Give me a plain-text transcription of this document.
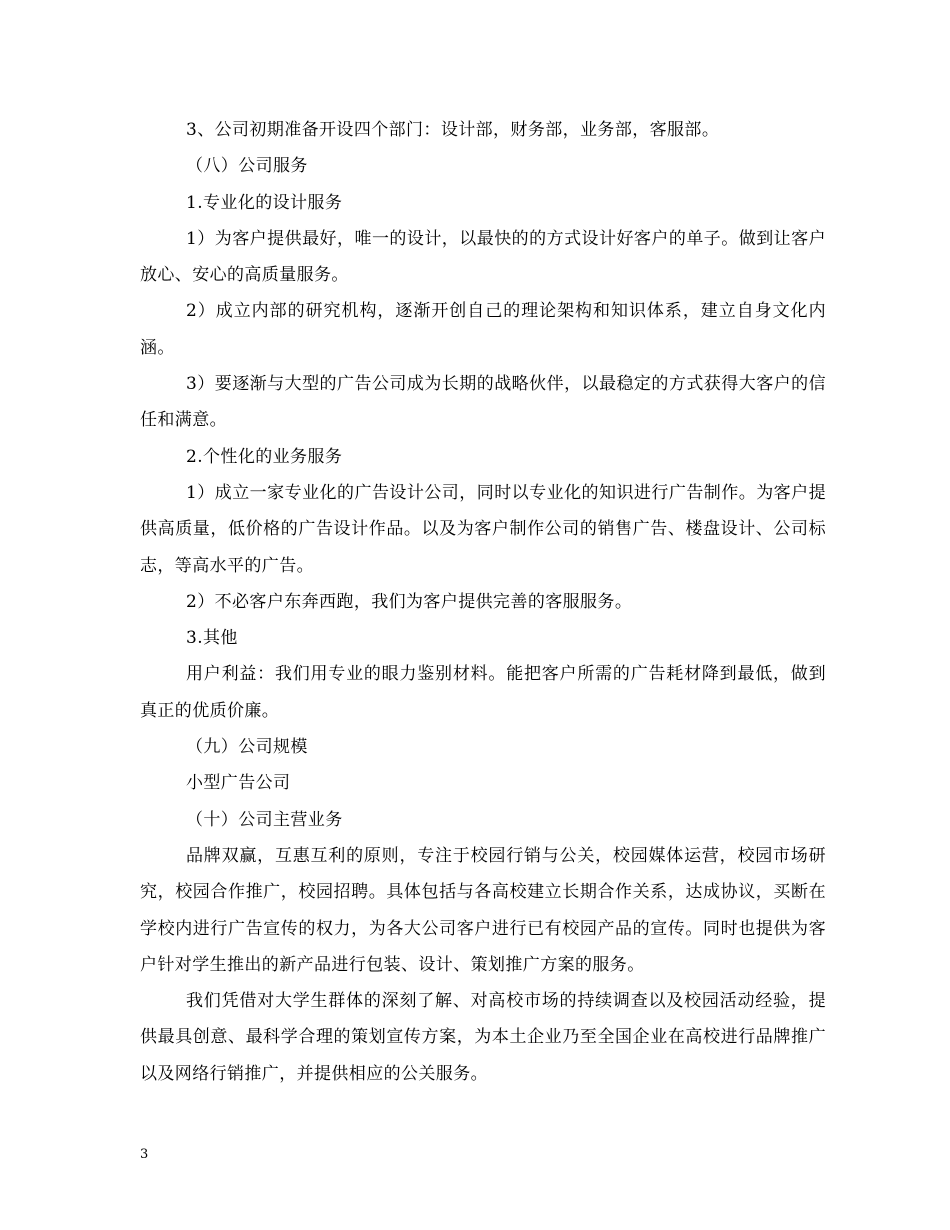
3、公司初期准备开设四个部门：设计部，财务部，业务部，客服部。

（八）公司服务

1.专业化的设计服务

1）为客户提供最好，唯一的设计，以最快的的方式设计好客户的单子。做到让客户放心、安心的高质量服务。

2）成立内部的研究机构，逐渐开创自己的理论架构和知识体系，建立自身文化内涵。

3）要逐渐与大型的广告公司成为长期的战略伙伴，以最稳定的方式获得大客户的信任和满意。

2.个性化的业务服务

1）成立一家专业化的广告设计公司，同时以专业化的知识进行广告制作。为客户提供高质量，低价格的广告设计作品。以及为客户制作公司的销售广告、楼盘设计、公司标志，等高水平的广告。

2）不必客户东奔西跑，我们为客户提供完善的客服服务。

3.其他

用户利益：我们用专业的眼力鉴别材料。能把客户所需的广告耗材降到最低，做到真正的优质价廉。

（九）公司规模

小型广告公司

（十）公司主营业务

品牌双赢，互惠互利的原则，专注于校园行销与公关，校园媒体运营，校园市场研究，校园合作推广，校园招聘。具体包括与各高校建立长期合作关系，达成协议，买断在学校内进行广告宣传的权力，为各大公司客户进行已有校园产品的宣传。同时也提供为客户针对学生推出的新产品进行包装、设计、策划推广方案的服务。

我们凭借对大学生群体的深刻了解、对高校市场的持续调查以及校园活动经验，提供最具创意、最科学合理的策划宣传方案，为本土企业乃至全国企业在高校进行品牌推广以及网络行销推广，并提供相应的公关服务。

3
